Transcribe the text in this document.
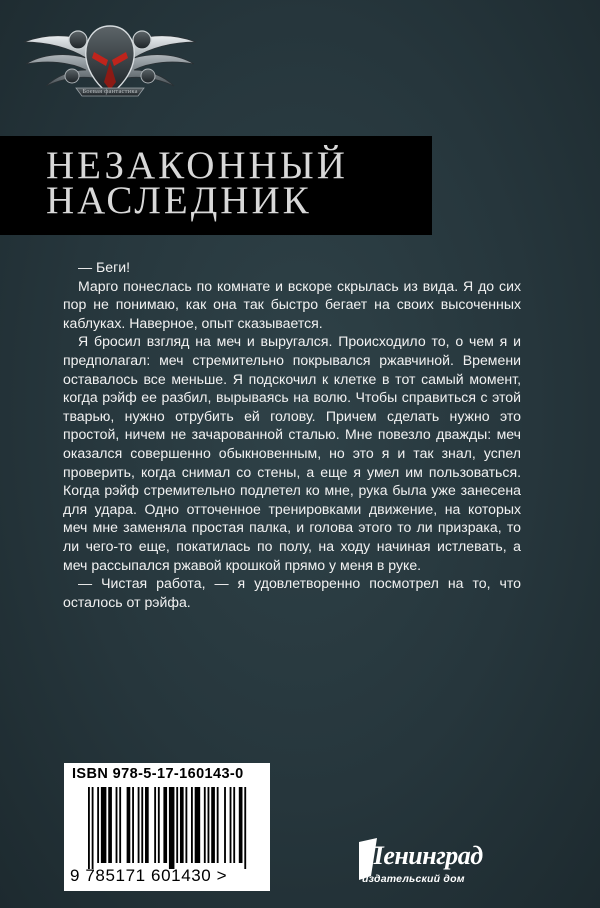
Боевая фантастика
НЕЗАКОННЫЙ
НАСЛЕДНИК

— Беги!

Марго понеслась по комнате и вскоре скрылась из вида. Я до сих пор не понимаю, как она так быстро бегает на своих высоченных каблуках. Наверное, опыт сказывается.

Я бросил взгляд на меч и выругался. Происходило то, о чем я и предполагал: меч стремительно покрывался ржавчиной. Времени оставалось все меньше. Я подскочил к клетке в тот самый момент, когда рэйф ее разбил, вырываясь на волю. Чтобы справиться с этой тварью, нужно отрубить ей голову. Причем сделать нужно это простой, ничем не зачарованной сталью. Мне повезло дважды: меч оказался совершенно обыкновенным, но это я и так знал, успел проверить, когда снимал со стены, а еще я умел им пользоваться. Когда рэйф стремительно подлетел ко мне, рука была уже занесена для удара. Одно отточенное тренировками движение, на которых меч мне заменяла простая палка, и голова этого то ли призрака, то ли чего-то еще, покатилась по полу, на ходу начиная истлевать, а меч рассыпался ржавой крошкой прямо у меня в руке.

— Чистая работа, — я удовлетворенно посмотрел на то, что осталось от рэйфа.

ISBN 978-5-17-160143-0
9 785171 601430 >
Ленинград
издательский дом
